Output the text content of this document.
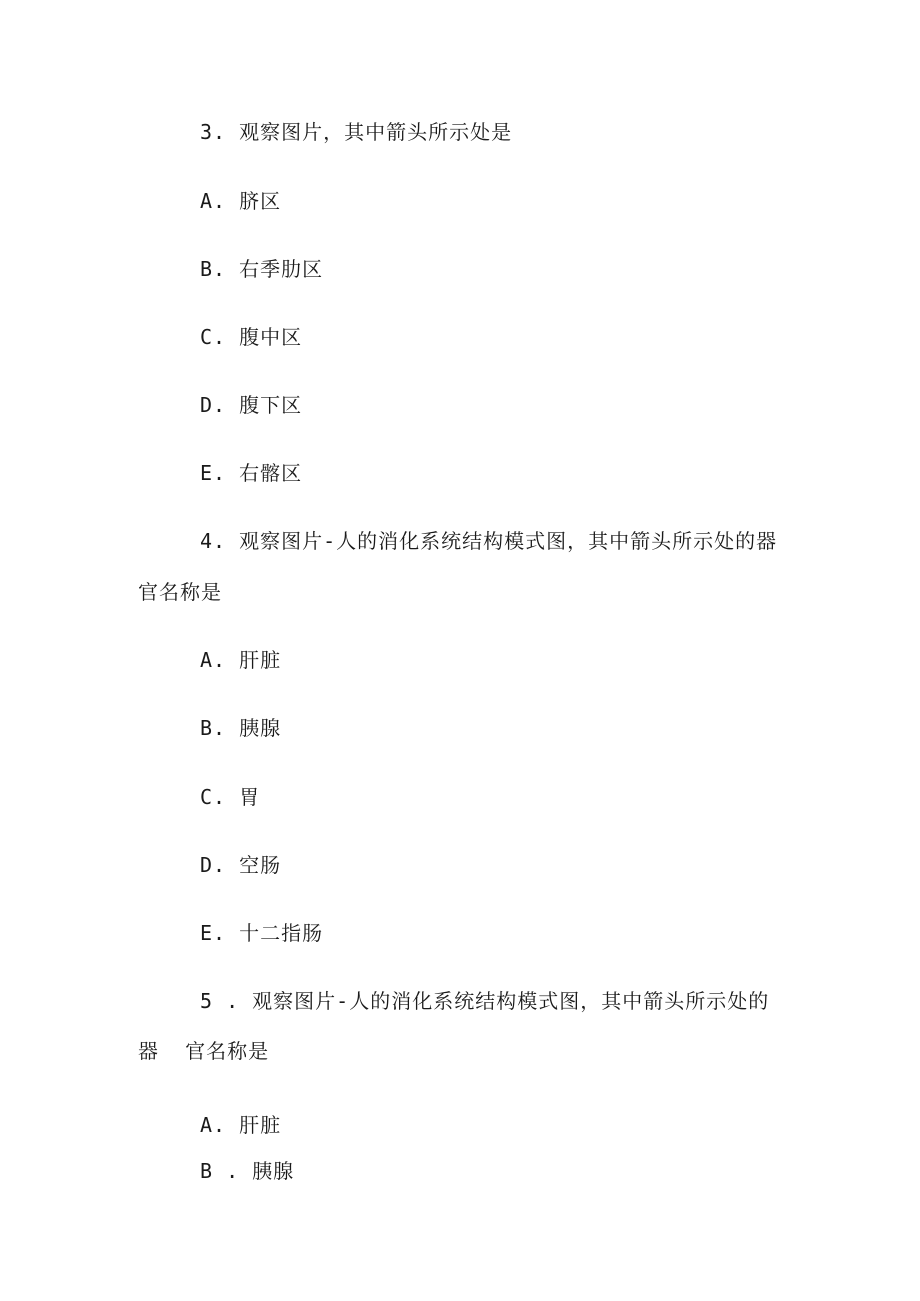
3. 观察图片，其中箭头所示处是
A. 脐区
B. 右季肋区
C. 腹中区
D. 腹下区
E. 右髂区
4. 观察图片-人的消化系统结构模式图，其中箭头所示处的器
官名称是
A. 肝脏
B. 胰腺
C. 胃
D. 空肠
E. 十二指肠
5 . 观察图片-人的消化系统结构模式图，其中箭头所示处的
器  官名称是
A. 肝脏
B . 胰腺
